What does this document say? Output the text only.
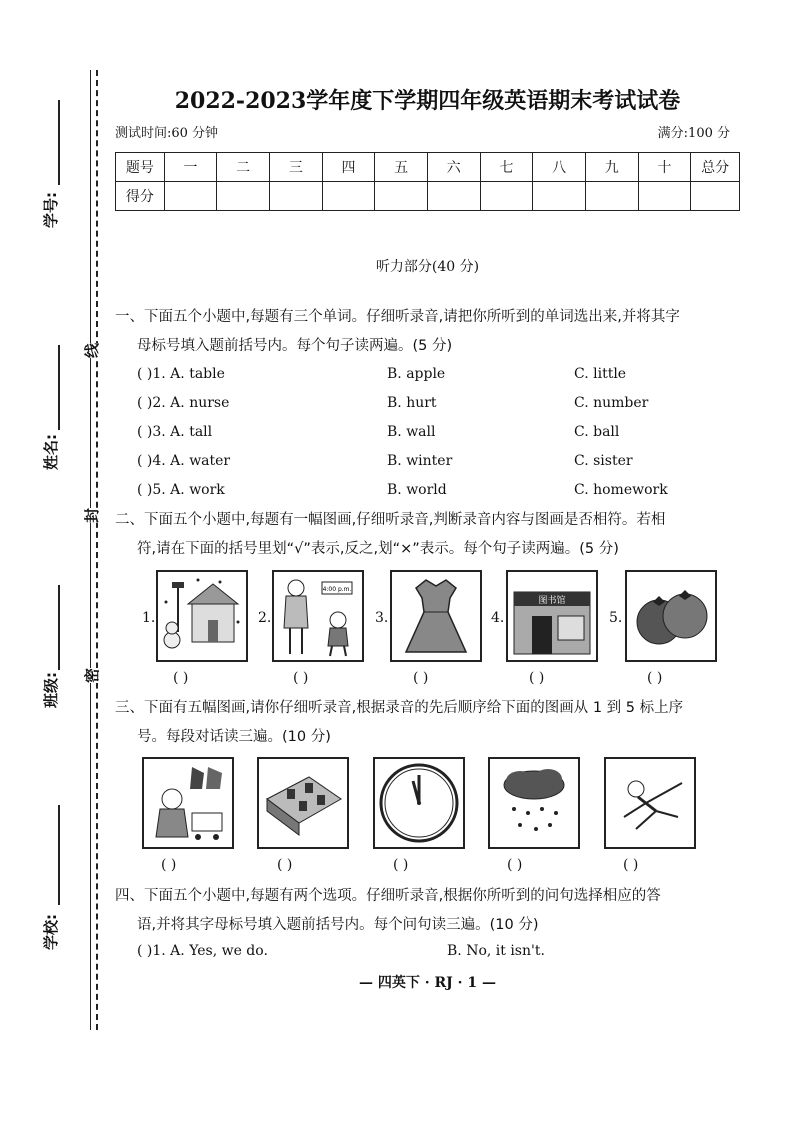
学号:
姓名:
班级:
学校:
线
封
密
2022-2023学年度下学期四年级英语期末考试试卷
测试时间:60 分钟	满分:100 分
题号	一	二	三	四	五	六	七	八	九	十	总分
得分											
听力部分(40 分)
一、下面五个小题中,每题有三个单词。仔细听录音,请把你所听到的单词选出来,并将其字
母标号填入题前括号内。每个句子读两遍。(5 分)
( )1. A. table	B. apple	C. little
( )2. A. nurse	B. hurt	C. number
( )3. A. tall	B. wall	C. ball
( )4. A. water	B. winter	C. sister
( )5. A. work	B. world	C. homework
二、下面五个小题中,每题有一幅图画,仔细听录音,判断录音内容与图画是否相符。若相
符,请在下面的括号里划“√”表示,反之,划“×”表示。每个句子读两遍。(5 分)
1.	2.
4:00 p.m.
3.	4.
图书馆
5.
( )	( )	( )	( )	( )
三、下面有五幅图画,请你仔细听录音,根据录音的先后顺序给下面的图画从 1 到 5 标上序
号。每段对话读三遍。(10 分)
( )	( )	( )	( )	( )
四、下面五个小题中,每题有两个选项。仔细听录音,根据你所听到的问句选择相应的答
语,并将其字母标号填入题前括号内。每个问句读三遍。(10 分)
( )1. A. Yes, we do.	B. No, it isn't.
— 四英下 · RJ · 1 —
